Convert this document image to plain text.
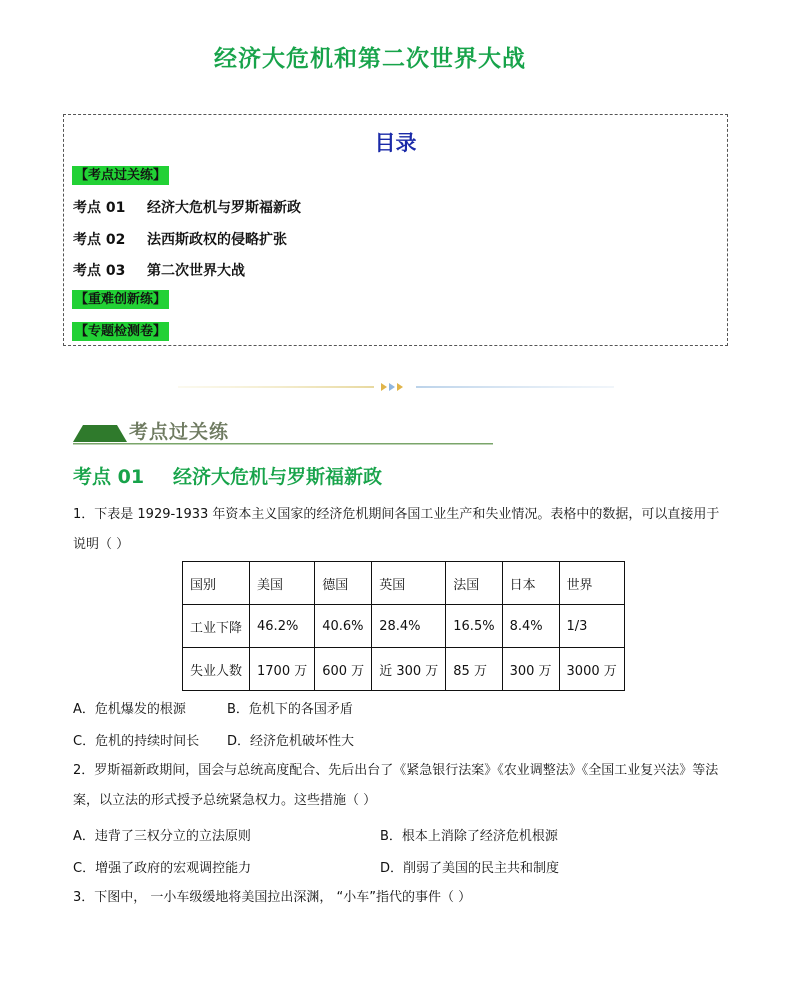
经济大危机和第二次世界大战
目录
【考点过关练】
考点 01 经济大危机与罗斯福新政
考点 02 法西斯政权的侵略扩张
考点 03 第二次世界大战
【重难创新练】
【专题检测卷】
考点过关练
考点 01 经济大危机与罗斯福新政
1．下表是 1929-1933 年资本主义国家的经济危机期间各国工业生产和失业情况。表格中的数据，可以直接用于说明（ ）
国别	美国	德国	英国	法国	日本	世界
工业下降	46.2%	40.6%	28.4%	16.5%	8.4%	1/3
失业人数	1700 万	600 万	近 300 万	85 万	300 万	3000 万
A．危机爆发的根源	B．危机下的各国矛盾
C．危机的持续时间长 D．经济危机破坏性大
2．罗斯福新政期间，国会与总统高度配合、先后出台了《紧急银行法案》《农业调整法》《全国工业复兴法》等法案，以立法的形式授予总统紧急权力。这些措施（ ）
A．违背了三权分立的立法原则	B．根本上消除了经济危机根源
C．增强了政府的宏观调控能力	D．削弱了美国的民主共和制度
3．下图中， 一小车级缓地将美国拉出深渊， “小车”指代的事件（ ）
